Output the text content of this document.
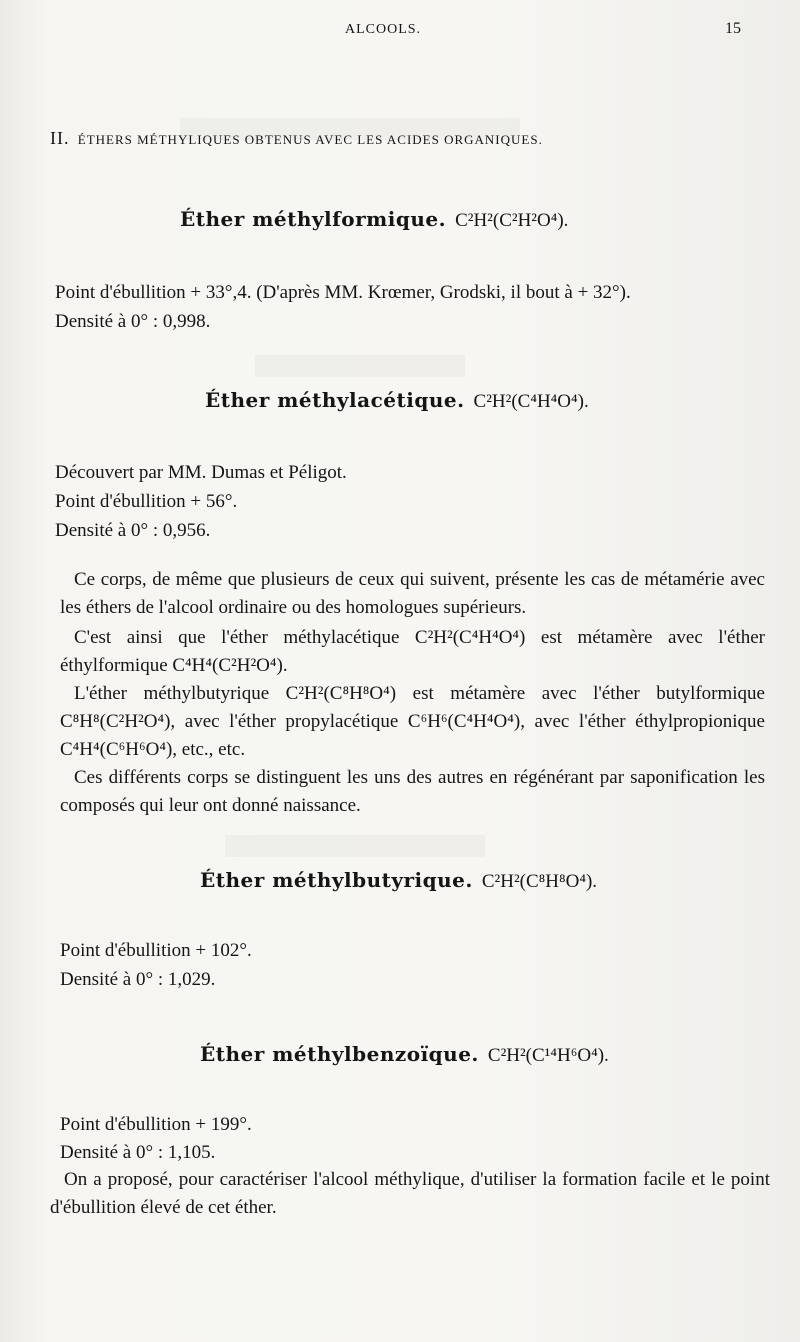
ALCOOLS.	15
II. ÉTHERS MÉTHYLIQUES OBTENUS AVEC LES ACIDES ORGANIQUES.
Éther méthylformique. C²H²(C²H²O⁴).
Point d'ébullition + 33°,4. (D'après MM. Krœmer, Grodski, il bout à + 32°).
Densité à 0° : 0,998.
Éther méthylacétique. C²H²(C⁴H⁴O⁴).
Découvert par MM. Dumas et Péligot.
Point d'ébullition + 56°.
Densité à 0° : 0,956.
Ce corps, de même que plusieurs de ceux qui suivent, présente les cas de métamérie avec les éthers de l'alcool ordinaire ou des homologues supérieurs.
C'est ainsi que l'éther méthylacétique C²H²(C⁴H⁴O⁴) est métamère avec l'éther éthylformique C⁴H⁴(C²H²O⁴).
L'éther méthylbutyrique C²H²(C⁸H⁸O⁴) est métamère avec l'éther butylformique C⁸H⁸(C²H²O⁴), avec l'éther propylacétique C⁶H⁶(C⁴H⁴O⁴), avec l'éther éthylpropionique C⁴H⁴(C⁶H⁶O⁴), etc., etc.
Ces différents corps se distinguent les uns des autres en régénérant par saponification les composés qui leur ont donné naissance.
Éther méthylbutyrique. C²H²(C⁸H⁸O⁴).
Point d'ébullition + 102°.
Densité à 0° : 1,029.
Éther méthylbenzoïque. C²H²(C¹⁴H⁶O⁴).
Point d'ébullition + 199°.
Densité à 0° : 1,105.
On a proposé, pour caractériser l'alcool méthylique, d'utiliser la formation facile et le point d'ébullition élevé de cet éther.
